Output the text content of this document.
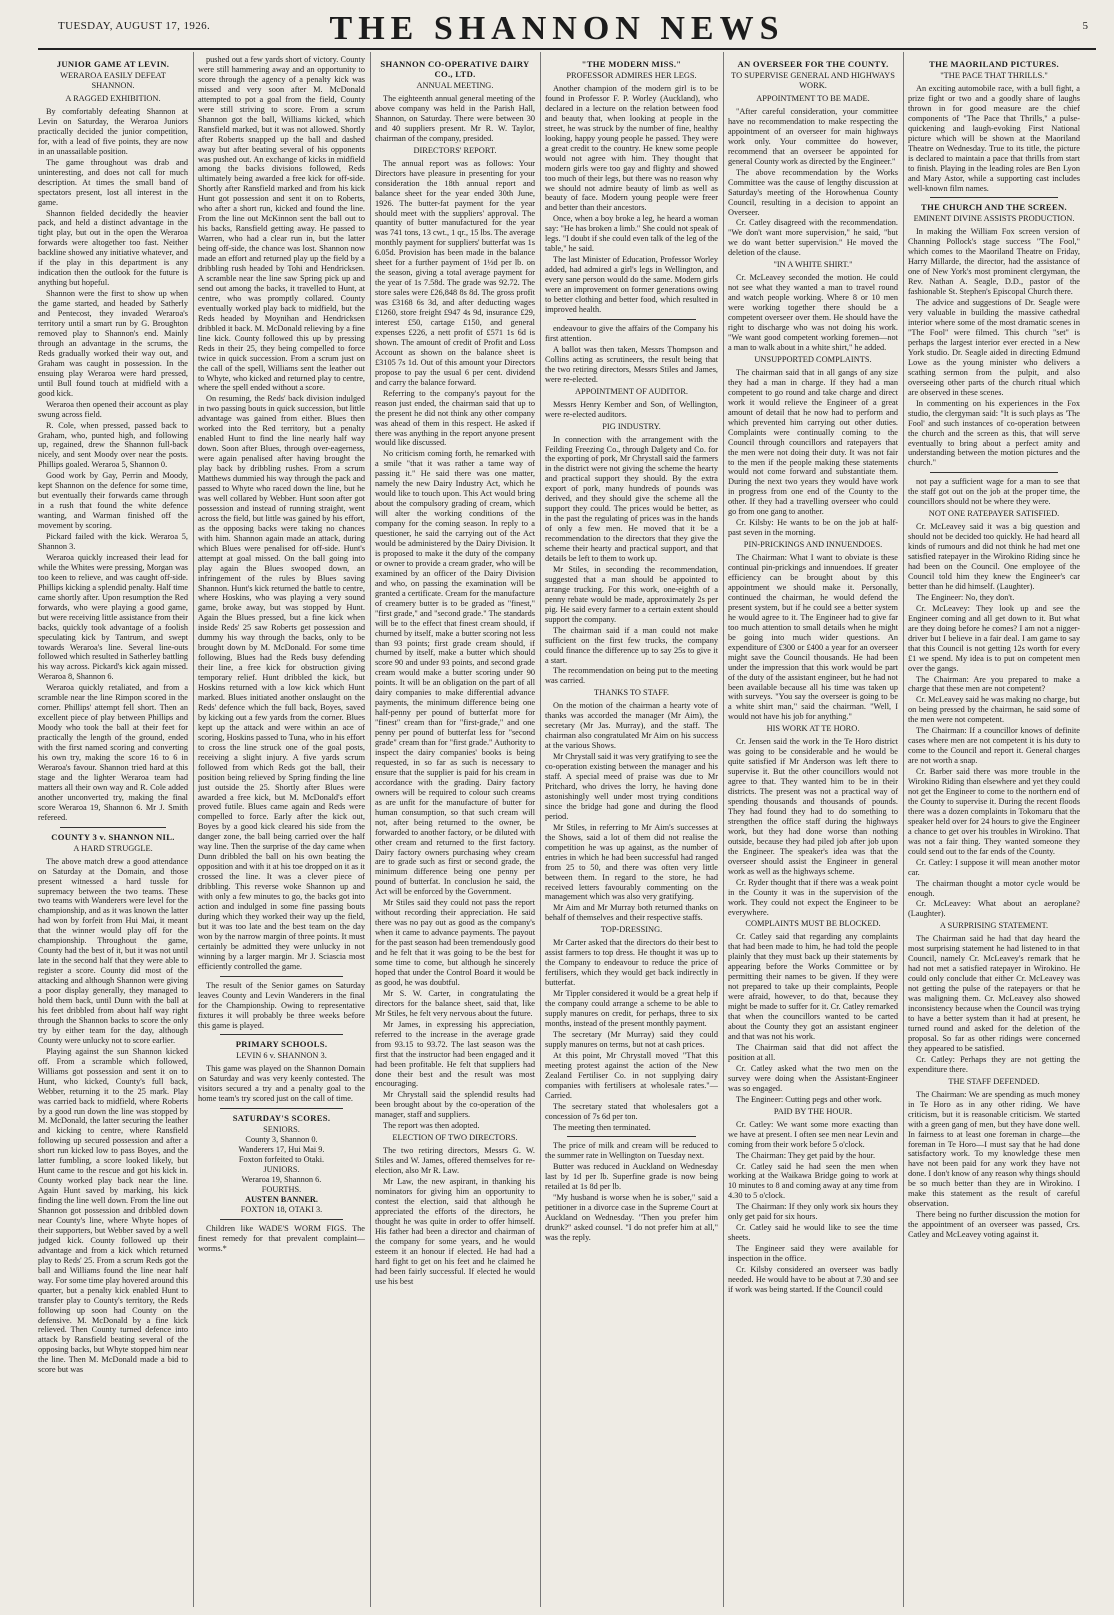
TUESDAY, AUGUST 17, 1926.	THE SHANNON NEWS	5
JUNIOR GAME AT LEVIN.
WERAROA EASILY DEFEAT SHANNON.
A RAGGED EXHIBITION.

By comfortably defeating Shannon at Levin on Saturday, the Weraroa Juniors practically decided the junior competition, for, with a lead of five points, they are now in an unassailable position.

The game throughout was drab and uninteresting, and does not call for much description. At times the small band of spectators present, lost all interest in the game.

Shannon fielded decidedly the heavier pack, and held a distinct advantage in the tight play, but out in the open the Weraroa forwards were altogether too fast. Neither backline showed any initiative whatever, and if the play in this department is any indication then the outlook for the future is anything but hopeful.

Shannon were the first to show up when the game started, and headed by Satherly and Pentecost, they invaded Weraroa's territory until a smart run by G. Broughton removed play to Shannon's end. Mainly through an advantage in the scrums, the Reds gradually worked their way out, and Graham was caught in possession. In the ensuing play Weraroa were hard pressed, until Bull found touch at midfield with a good kick.

Weraroa then opened their account as play swung across field.

R. Cole, when pressed, passed back to Graham, who, punted high, and following up, regained, drew the Shannon full-back nicely, and sent Moody over near the posts. Phillips goaled. Weraroa 5, Shannon 0.

Good work by Gay, Perrin and Moody, kept Shannon on the defence for some time, but eventually their forwards came through in a rush that found the white defence wanting, and Warman finished off the movement by scoring.

Pickard failed with the kick. Weraroa 5, Shannon 3.

Weraroa quickly increased their lead for while the Whites were pressing, Morgan was too keen to relieve, and was caught off-side. Phillips kicking a splendid penalty. Half time came shortly after. Upon resumption the Red forwards, who were playing a good game, but were receiving little assistance from their backs, quickly took advantage of a foolish speculating kick by Tantrum, and swept towards Weraroa's line. Several line-outs followed which resulted in Satherley battling his way across. Pickard's kick again missed. Weraroa 8, Shannon 6.

Weraroa quickly retaliated, and from a scramble near the line Rimpon scored in the corner. Phillips' attempt fell short. Then an excellent piece of play between Phillips and Moody who took the ball at their feet for practically the length of the ground, ended with the first named scoring and converting his own try, making the score 16 to 6 in Weraroa's favour. Shannon tried hard at this stage and the lighter Weraroa team had matters all their own way and R. Cole added another unconverted try, making the final score Weraroa 19, Shannon 6. Mr J. Smith refereed.

COUNTY 3 v. SHANNON NIL.
A HARD STRUGGLE.

The above match drew a good attendance on Saturday at the Domain, and those present witnessed a hard tussle for supremacy between the two teams. These two teams with Wanderers were level for the championship, and as it was known the latter had won by forfeit from Hui Mai, it meant that the winner would play off for the championship. Throughout the game, County had the best of it, but it was not until late in the second half that they were able to register a score. County did most of the attacking and although Shannon were giving a poor display generally, they managed to hold them back, until Dunn with the ball at his feet dribbled from about half way right through the Shannon backs to score the only try by either team for the day, although County were unlucky not to score earlier.

Playing against the sun Shannon kicked off. From a scramble which followed, Williams got possession and sent it on to Hunt, who kicked, County's full back, Webber, returning it to the 25 mark. Play was carried back to midfield, where Roberts by a good run down the line was stopped by M. McDonald, the latter securing the leather and kicking to centre, where Ransfield following up secured possession and after a short run kicked low to pass Boyes, and the latter fumbling, a score looked likely, but Hunt came to the rescue and got his kick in. County worked play back near the line. Again Hunt saved by marking, his kick finding the line well down. From the line out Shannon got possession and dribbled down near County's line, where Whyte hopes of their supporters, but Webber saved by a well judged kick. County followed up their advantage and from a kick which returned play to Reds' 25. From a scrum Reds got the ball and Williams found the line near half way. For some time play hovered around this quarter, but a penalty kick enabled Hunt to transfer play to County's territory, the Reds following up soon had County on the defensive. M. McDonald by a fine kick relieved. Then County turned defence into attack by Ransfield beating several of the opposing backs, but Whyte stopped him near the line. Then M. McDonald made a bid to score but was

pushed out a few yards short of victory. County were still hammering away and an opportunity to score through the agency of a penalty kick was missed and very soon after M. McDonald attempted to pot a goal from the field, County were still striving to score. From a scrum Shannon got the ball, Williams kicked, which Ransfield marked, but it was not allowed. Shortly after Roberts snapped up the ball and dashed away but after beating several of his opponents was pushed out. An exchange of kicks in midfield among the backs divisions followed, Reds ultimately being awarded a free kick for off-side. Shortly after Ransfield marked and from his kick Hunt got possession and sent it on to Roberts, who after a short run, kicked and found the line. From the line out McKinnon sent the ball out to his backs, Ransfield getting away. He passed to Warren, who had a clear run in, but the latter being off-side, the chance was lost. Shannon now made an effort and returned play up the field by a dribbling rush headed by Tohi and Hendricksen. A scramble near the line saw Spring pick up and send out among the backs, it travelled to Hunt, at centre, who was promptly collared. County eventually worked play back to midfield, but the Reds headed by Moynihan and Hendricksen dribbled it back. M. McDonald relieving by a fine line kick. County followed this up by pressing Reds in their 25, they being compelled to force twice in quick succession. From a scrum just on the call of the spell, Williams sent the leather out to Whyte, who kicked and returned play to centre, where the spell ended without a score.

On resuming, the Reds' back division indulged in two passing bouts in quick succession, but little advantage was gained from either. Blues then worked into the Red territory, but a penalty enabled Hunt to find the line nearly half way down. Soon after Blues, through over-eagerness, were again penalised after having brought the play back by dribbling rushes. From a scrum Matthews dummied his way through the pack and passed to Whyte who raced down the line, but he was well collared by Webber. Hunt soon after got possession and instead of running straight, went across the field, but little was gained by his effort, as the opposing backs were taking no chances with him. Shannon again made an attack, during which Blues were penalised for off-side. Hunt's attempt at goal missed. On the ball going into play again the Blues swooped down, an infringement of the rules by Blues saving Shannon. Hunt's kick returned the battle to centre, where Hoskins, who was playing a very sound game, broke away, but was stopped by Hunt. Again the Blues pressed, but a fine kick when inside Reds' 25 saw Roberts get possession and dummy his way through the backs, only to be brought down by M. McDonald. For some time following, Blues had the Reds busy defending their line, a free kick for obstruction giving temporary relief. Hunt dribbled the kick, but Hoskins returned with a low kick which Hunt marked. Blues initiated another onslaught on the Reds' defence which the full back, Boyes, saved by kicking out a few yards from the corner. Blues kept up the attack and were within an ace of scoring, Hoskins passed to Tuna, who in his effort to cross the line struck one of the goal posts, receiving a slight injury. A five yards scrum followed from which Reds got the ball, their position being relieved by Spring finding the line just outside the 25. Shortly after Blues were awarded a free kick, but M. McDonald's effort proved futile. Blues came again and Reds were compelled to force. Early after the kick out, Boyes by a good kick cleared his side from the danger zone, the ball being carried over the half way line. Then the surprise of the day came when Dunn dribbled the ball on his own beating the opposition and with it at his toe dropped on it as it crossed the line. It was a clever piece of dribbling. This reverse woke Shannon up and with only a few minutes to go, the backs got into action and indulged in some fine passing bouts during which they worked their way up the field, but it was too late and the best team on the day won by the narrow margin of three points. It must certainly be admitted they were unlucky in not winning by a larger margin. Mr J. Sciascia most efficiently controlled the game.

The result of the Senior games on Saturday leaves County and Levin Wanderers in the final for the Championship. Owing to representative fixtures it will probably be three weeks before this game is played.

PRIMARY SCHOOLS.
LEVIN 6 v. SHANNON 3.

This game was played on the Shannon Domain on Saturday and was very keenly contested. The visitors secured a try and a penalty goal to the home team's try scored just on the call of time.

SATURDAY'S SCORES.

SENIORS.

County 3, Shannon 0.

Wanderers 17, Hui Mai 9.

Foxton forfeited to Otaki.

JUNIORS.

Weraroa 19, Shannon 6.

FOURTHS.

AUSTEN BANNER.

FOXTON 18, OTAKI 3.

Children like WADE'S WORM FIGS. The finest remedy for that prevalent complaint—worms.*

SHANNON CO-OPERATIVE DAIRY CO., LTD.
ANNUAL MEETING.

The eighteenth annual general meeting of the above company was held in the Parish Hall, Shannon, on Saturday. There were between 30 and 40 suppliers present. Mr R. W. Taylor, chairman of the company, presided.

DIRECTORS' REPORT.

The annual report was as follows: Your Directors have pleasure in presenting for your consideration the 18th annual report and balance sheet for the year ended 30th June, 1926. The butter-fat payment for the year should meet with the suppliers' approval. The quantity of butter manufactured for the year was 741 tons, 13 cwt., 1 qr., 15 lbs. The average monthly payment for suppliers' butterfat was 1s 6.05d. Provision has been made in the balance sheet for a further payment of 1½d per lb. on the season, giving a total average payment for the year of 1s 7.58d. The grade was 92.72. The store sales were £26,848 8s 8d. The gross profit was £3168 6s 3d, and after deducting wages £1260, store freight £947 4s 9d, insurance £29, interest £50, cartage £150, and general expenses £226, a nett profit of £571 1s 6d is shown. The amount of credit of Profit and Loss Account as shown on the balance sheet is £3105 7s 1d. Out of this amount your Directors propose to pay the usual 6 per cent. dividend and carry the balance forward.

Referring to the company's payout for the reason just ended, the chairman said that up to the present he did not think any other company was ahead of them in this respect. He asked if there was anything in the report anyone present would like discussed.

No criticism coming forth, he remarked with a smile "that it was rather a tame way of passing it." He said there was one matter, namely the new Dairy Industry Act, which he would like to touch upon. This Act would bring about the compulsory grading of cream, which will alter the working conditions of the company for the coming season. In reply to a questioner, he said the carrying out of the Act would be administered by the Dairy Division. It is proposed to make it the duty of the company or owner to provide a cream grader, who will be examined by an officer of the Dairy Division and who, on passing the examination will be granted a certificate. Cream for the manufacture of creamery butter is to be graded as "finest," "first grade," and "second grade." The standards will be to the effect that finest cream should, if churned by itself, make a butter scoring not less than 93 points; first grade cream should, if churned by itself, make a butter which should score 90 and under 93 points, and second grade cream would make a butter scoring under 90 points. It will be an obligation on the part of all dairy companies to make differential advance payments, the minimum difference being one half-penny per pound of butterfat more for "finest" cream than for "first-grade," and one penny per pound of butterfat less for "second grade" cream than for "first grade." Authority to inspect the dairy companies' books is being requested, in so far as such is necessary to ensure that the supplier is paid for his cream in accordance with the grading. Dairy factory owners will be required to colour such creams as are unfit for the manufacture of butter for human consumption, so that such cream will not, after being returned to the owner, be forwarded to another factory, or be diluted with other cream and returned to the first factory. Dairy factory owners purchasing whey cream are to grade such as first or second grade, the minimum difference being one penny per pound of butterfat. In conclusion he said, the Act will be enforced by the Government.

Mr Stiles said they could not pass the report without recording their appreciation. He said there was no pay out as good as the company's when it came to advance payments. The payout for the past season had been tremendously good and he felt that it was going to be the best for some time to come, but although he sincerely hoped that under the Control Board it would be as good, he was doubtful.

Mr S. W. Carter, in congratulating the directors for the balance sheet, said that, like Mr Stiles, he felt very nervous about the future.

Mr James, in expressing his appreciation, referred to the increase in the average grade from 93.15 to 93.72. The last season was the first that the instructor had been engaged and it had been profitable. He felt that suppliers had done their best and the result was most encouraging.

Mr Chrystall said the splendid results had been brought about by the co-operation of the manager, staff and suppliers.

The report was then adopted.

ELECTION OF TWO DIRECTORS.

The two retiring directors, Messrs G. W. Stiles and W. James, offered themselves for re-election, also Mr R. Law.

Mr Law, the new aspirant, in thanking his nominators for giving him an opportunity to contest the election, said that although he appreciated the efforts of the directors, he thought he was quite in order to offer himself. His father had been a director and chairman of the company for some years, and he would esteem it an honour if elected. He had had a hard fight to get on his feet and he claimed he had been fairly successful. If elected he would use his best

"THE MODERN MISS."
PROFESSOR ADMIRES HER LEGS.

Another champion of the modern girl is to be found in Professor F. P. Worley (Auckland), who declared in a lecture on the relation between food and beauty that, when looking at people in the street, he was struck by the number of fine, healthy looking, happy young people he passed. They were a great credit to the country. He knew some people would not agree with him. They thought that modern girls were too gay and flighty and showed too much of their legs, but there was no reason why we should not admire beauty of limb as well as beauty of face. Modern young people were freer and better than their ancestors.

Once, when a boy broke a leg, he heard a woman say: "He has broken a limb." She could not speak of legs. "I doubt if she could even talk of the leg of the table," he said.

The last Minister of Education, Professor Worley added, had admired a girl's legs in Wellington, and every sane person would do the same. Modern girls were an improvement on former generations owing to better clothing and better food, which resulted in improved health.

endeavour to give the affairs of the Company his first attention.

A ballot was then taken, Messrs Thompson and Collins acting as scrutineers, the result being that the two retiring directors, Messrs Stiles and James, were re-elected.

APPOINTMENT OF AUDITOR.

Messrs Henry Kember and Son, of Wellington, were re-elected auditors.

PIG INDUSTRY.

In connection with the arrangement with the Feilding Freezing Co., through Dalgety and Co. for the exporting of pork, Mr Chrystall said the farmers in the district were not giving the scheme the hearty and practical support they should. By the extra export of pork, many hundreds of pounds was derived, and they should give the scheme all the support they could. The prices would be better, as in the past the regulating of prices was in the hands of only a few men. He moved that it be a recommendation to the directors that they give the scheme their hearty and practical support, and that details be left to them to work up.

Mr Stiles, in seconding the recommendation, suggested that a man should be appointed to arrange trucking. For this work, one-eighth of a penny rebate would be made, approximately 2s per pig. He said every farmer to a certain extent should support the company.

The chairman said if a man could not make sufficient on the first few trucks, the company could finance the difference up to say 25s to give it a start.

The recommendation on being put to the meeting was carried.

THANKS TO STAFF.

On the motion of the chairman a hearty vote of thanks was accorded the manager (Mr Aim), the secretary (Mr Jas. Murray), and the staff. The chairman also congratulated Mr Aim on his success at the various Shows.

Mr Chrystall said it was very gratifying to see the co-operation existing between the manager and his staff. A special meed of praise was due to Mr Pritchard, who drives the lorry, he having done astonishingly well under most trying conditions since the bridge had gone and during the flood period.

Mr Stiles, in referring to Mr Aim's successes at the Shows, said a lot of them did not realise the competition he was up against, as the number of entries in which he had been successful had ranged from 25 to 50, and there was often very little between them. In regard to the store, he had received letters favourably commenting on the management which was also very gratifying.

Mr Aim and Mr Murray both returned thanks on behalf of themselves and their respective staffs.

TOP-DRESSING.

Mr Carter asked that the directors do their best to assist farmers to top dress. He thought it was up to the Company to endeavour to reduce the price of fertilisers, which they would get back indirectly in butterfat.

Mr Tippler considered it would be a great help if the company could arrange a scheme to be able to supply manures on credit, for perhaps, three to six months, instead of the present monthly payment.

The secretary (Mr Murray) said they could supply manures on terms, but not at cash prices.

At this point, Mr Chrystall moved "That this meeting protest against the action of the New Zealand Fertiliser Co. in not supplying dairy companies with fertilisers at wholesale rates."—Carried.

The secretary stated that wholesalers got a concession of 7s 6d per ton.

The meeting then terminated.

The price of milk and cream will be reduced to the summer rate in Wellington on Tuesday next.

Butter was reduced in Auckland on Wednesday last by 1d per lb. Superfine grade is now being retailed at 1s 8d per lb.

"My husband is worse when he is sober," said a petitioner in a divorce case in the Supreme Court at Auckland on Wednesday. "Then you prefer him drunk?" asked counsel. "I do not prefer him at all," was the reply.

AN OVERSEER FOR THE COUNTY.
TO SUPERVISE GENERAL AND HIGHWAYS WORK.
APPOINTMENT TO BE MADE.

"After careful consideration, your committee have no recommendation to make respecting the appointment of an overseer for main highways work only. Your committee do however, recommend that an overseer be appointed for general County work as directed by the Engineer."

The above recommendation by the Works Committee was the cause of lengthy discussion at Saturday's meeting of the Horowhenua County Council, resulting in a decision to appoint an Overseer.

Cr. Catley disagreed with the recommendation. "We don't want more supervision," he said, "but we do want better supervision." He moved the deletion of the clause.

"IN A WHITE SHIRT."

Cr. McLeavey seconded the motion. He could not see what they wanted a man to travel round and watch people working. Where 8 or 10 men were working together there should be a competent overseer over them. He should have the right to discharge who was not doing his work. "We want good competent working foremen—not a man to walk about in a white shirt," he added.

UNSUPPORTED COMPLAINTS.

The chairman said that in all gangs of any size they had a man in charge. If they had a man competent to go round and take charge and direct work it would relieve the Engineer of a great amount of detail that he now had to perform and which prevented him carrying out other duties. Complaints were continually coming to the Council through councillors and ratepayers that the men were not doing their duty. It was not fair to the men if the people making these statements would not come forward and substantiate them. During the next two years they would have work in progress from one end of the County to the other. If they had a travelling overseer who could go from one gang to another.

Cr. Kilsby: He wants to be on the job at half-past seven in the morning.

PIN-PRICKINGS AND INNUENDOES.

The Chairman: What I want to obviate is these continual pin-prickings and innuendoes. If greater efficiency can be brought about by this appointment we should make it. Personally, continued the chairman, he would defend the present system, but if he could see a better system he would agree to it. The Engineer had to give far too much attention to small details when he might be going into much wider questions. An expenditure of £300 or £400 a year for an overseer might save the Council thousands. He had been under the impression that this work would be part of the duty of the assistant engineer, but he had not been available because all his time was taken up with surveys. "You say the overseer is going to be a white shirt man," said the chairman. "Well, I would not have his job for anything."

HIS WORK AT TE HORO.

Cr. Jensen said the work in the Te Horo district was going to be considerable and he would be quite satisfied if Mr Anderson was left there to supervise it. But the other councillors would not agree to that. They wanted him to be in their districts. The present was not a practical way of spending thousands and thousands of pounds. They had found they had to do something to strengthen the office staff during the highways work, but they had done worse than nothing outside, because they had piled job after job upon the Engineer. The speaker's idea was that the overseer should assist the Engineer in general work as well as the highways scheme.

Cr. Ryder thought that if there was a weak point in the County it was in the supervision of the work. They could not expect the Engineer to be everywhere.

COMPLAINTS MUST BE BLOCKED.

Cr. Catley said that regarding any complaints that had been made to him, he had told the people plainly that they must back up their statements by appearing before the Works Committee or by permitting their names to be given. If they were not prepared to take up their complaints, People were afraid, however, to do that, because they might be made to suffer for it. Cr. Catley remarked that when the councillors wanted to be carted about the County they got an assistant engineer and that was not his work.

The Chairman said that did not affect the position at all.

Cr. Catley asked what the two men on the survey were doing when the Assistant-Engineer was so engaged.

The Engineer: Cutting pegs and other work.

PAID BY THE HOUR.

Cr. Catley: We want some more exacting than we have at present. I often see men near Levin and coming from their work before 5 o'clock.

The Chairman: They get paid by the hour.

Cr. Catley said he had seen the men when working at the Waikawa Bridge going to work at 10 minutes to 8 and coming away at any time from 4.30 to 5 o'clock.

The Chairman: If they only work six hours they only get paid for six hours.

Cr. Catley said he would like to see the time sheets.

The Engineer said they were available for inspection in the office.

Cr. Kilsby considered an overseer was badly needed. He would have to be about at 7.30 and see if work was being started. If the Council could

THE MAORILAND PICTURES.
"THE PACE THAT THRILLS."

An exciting automobile race, with a bull fight, a prize fight or two and a goodly share of laughs thrown in for good measure are the chief components of "The Pace that Thrills," a pulse-quickening and laugh-evoking First National picture which will be shown at the Maoriland Theatre on Wednesday. True to its title, the picture is declared to maintain a pace that thrills from start to finish. Playing in the leading roles are Ben Lyon and Mary Astor, while a supporting cast includes well-known film names.

THE CHURCH AND THE SCREEN.
EMINENT DIVINE ASSISTS PRODUCTION.

In making the William Fox screen version of Channing Pollock's stage success "The Fool," which comes to the Maoriland Theatre on Friday, Harry Millarde, the director, had the assistance of one of New York's most prominent clergyman, the Rev. Nathan A. Seagle, D.D., pastor of the fashionable St. Stephen's Episcopal Church there.

The advice and suggestions of Dr. Seagle were very valuable in building the massive cathedral interior where some of the most dramatic scenes in "The Fool" were filmed. This church "set" is perhaps the largest interior ever erected in a New York studio. Dr. Seagle aided in directing Edmund Lowe as the young minister who delivers a scathing sermon from the pulpit, and also overseeing other parts of the church ritual which are observed in these scenes.

In commenting on his experiences in the Fox studio, the clergyman said: "It is such plays as 'The Fool' and such instances of co-operation between the church and the screen as this, that will serve eventually to bring about a perfect amity and understanding between the motion pictures and the church."

not pay a sufficient wage for a man to see that the staff got out on the job at the proper time, the councillors should not be where they were.

NOT ONE RATEPAYER SATISFIED.

Cr. McLeavey said it was a big question and should not be decided too quickly. He had heard all kinds of rumours and did not think he had met one satisfied ratepayer in the Wirokino Riding since he had been on the Council. One employee of the Council told him they knew the Engineer's car better than he did himself. (Laughter).

The Engineer: No, they don't.

Cr. McLeavey: They look up and see the Engineer coming and all get down to it. But what are they doing before he comes? I am not a nigger-driver but I believe in a fair deal. I am game to say that this Council is not getting 12s worth for every £1 we spend. My idea is to put on competent men over the gangs.

The Chairman: Are you prepared to make a charge that these men are not competent?

Cr. McLeavey said he was making no charge, but on being pressed by the chairman, he said some of the men were not competent.

The Chairman: If a councillor knows of definite cases where men are not competent it is his duty to come to the Council and report it. General charges are not worth a snap.

Cr. Barber said there was more trouble in the Wirokino Riding than elsewhere and yet they could not get the Engineer to come to the northern end of the County to supervise it. During the recent floods there was a dozen complaints in Tokomaru that the speaker held over for 24 hours to give the Engineer a chance to get over his troubles in Wirokino. That was not a fair thing. They wanted someone they could send out to the far ends of the County.

Cr. Catley: I suppose it will mean another motor car.

The chairman thought a motor cycle would be enough.

Cr. McLeavey: What about an aeroplane? (Laughter).

A SURPRISING STATEMENT.

The Chairman said he had that day heard the most surprising statement he had listened to in that Council, namely Cr. McLeavey's remark that he had not met a satisfied ratepayer in Wirokino. He could only conclude that either Cr. McLeavey was not getting the pulse of the ratepayers or that he was maligning them. Cr. McLeavey also showed inconsistency because when the Council was trying to have a better system than it had at present, he turned round and asked for the deletion of the proposal. So far as other ridings were concerned they appeared to be satisfied.

Cr. Catley: Perhaps they are not getting the expenditure there.

THE STAFF DEFENDED.

The Chairman: We are spending as much money in Te Horo as in any other riding. We have criticism, but it is reasonable criticism. We started with a green gang of men, but they have done well. In fairness to at least one foreman in charge—the foreman in Te Horo—I must say that he had done satisfactory work. To my knowledge these men have not been paid for any work they have not done. I don't know of any reason why things should be so much better than they are in Wirokino. I make this statement as the result of careful observation.

There being no further discussion the motion for the appointment of an overseer was passed, Crs. Catley and McLeavey voting against it.
